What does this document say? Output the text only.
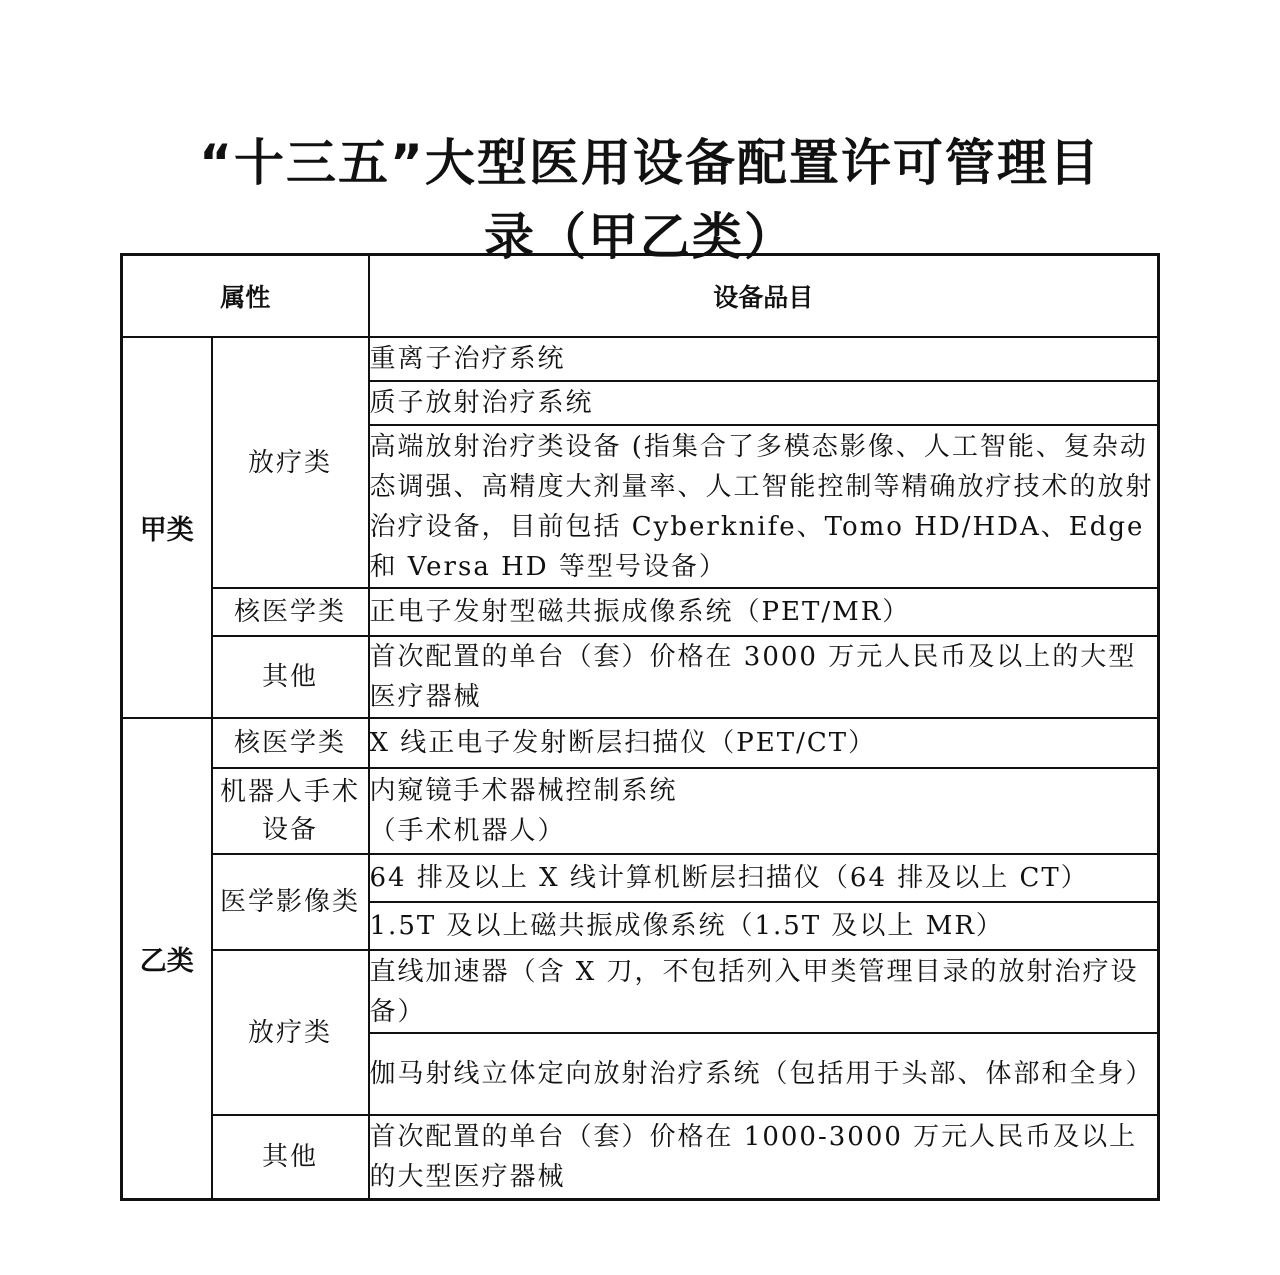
“十三五”大型医用设备配置许可管理目
录（甲乙类）
属性		设备品目
甲类	放疗类	重离子治疗系统
		质子放射治疗系统
		高端放射治疗类设备 (指集合了多模态影像、人工智能、复杂动态调强、高精度大剂量率、人工智能控制等精确放疗技术的放射治疗设备，目前包括 Cyberknife、Tomo HD/HDA、Edge 和 Versa HD 等型号设备）
	核医学类	正电子发射型磁共振成像系统（PET/MR）
	其他	首次配置的单台（套）价格在 3000 万元人民币及以上的大型医疗器械
乙类	核医学类	X 线正电子发射断层扫描仪（PET/CT）
	机器人手术设备	内窥镜手术器械控制系统
（手术机器人）
	医学影像类	64 排及以上 X 线计算机断层扫描仪（64 排及以上 CT）
		1.5T 及以上磁共振成像系统（1.5T 及以上 MR）
	放疗类	直线加速器（含 X 刀，不包括列入甲类管理目录的放射治疗设备）
		伽马射线立体定向放射治疗系统（包括用于头部、体部和全身）
	其他	首次配置的单台（套）价格在 1000-3000 万元人民币及以上的大型医疗器械
